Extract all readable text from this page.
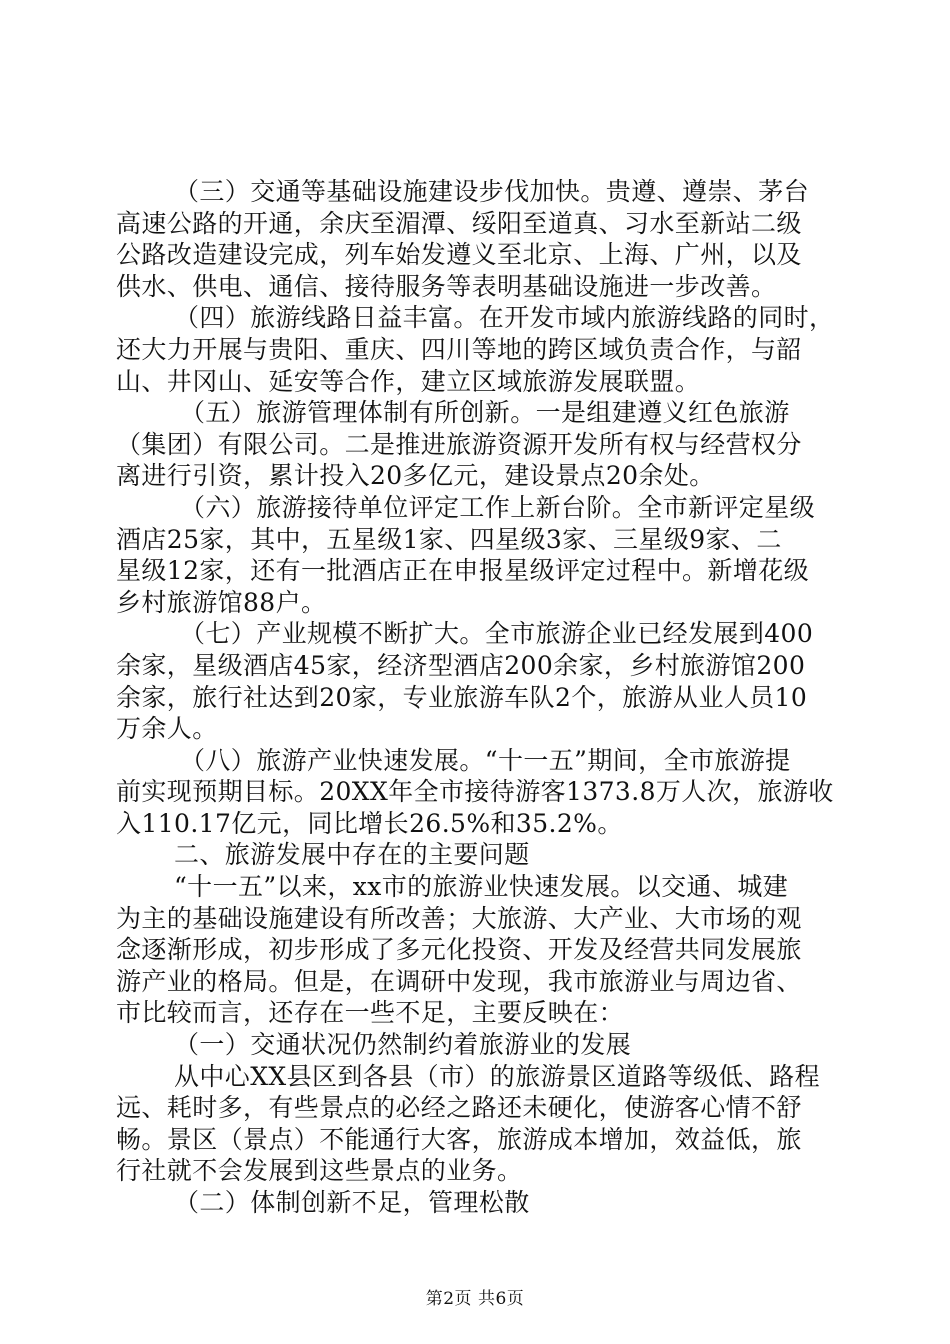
（三）交通等基础设施建设步伐加快。贵遵、遵崇、茅台
高速公路的开通，余庆至湄潭、绥阳至道真、习水至新站二级
公路改造建设完成，列车始发遵义至北京、上海、广州，以及
供水、供电、通信、接待服务等表明基础设施进一步改善。
（四）旅游线路日益丰富。在开发市域内旅游线路的同时，
还大力开展与贵阳、重庆、四川等地的跨区域负责合作，与韶
山、井冈山、延安等合作，建立区域旅游发展联盟。
（五）旅游管理体制有所创新。一是组建遵义红色旅游
（集团）有限公司。二是推进旅游资源开发所有权与经营权分
离进行引资，累计投入20多亿元，建设景点20余处。
（六）旅游接待单位评定工作上新台阶。全市新评定星级
酒店25家，其中，五星级1家、四星级3家、三星级9家、二
星级12家，还有一批酒店正在申报星级评定过程中。新增花级
乡村旅游馆88户。
（七）产业规模不断扩大。全市旅游企业已经发展到400
余家，星级酒店45家，经济型酒店200余家，乡村旅游馆200
余家，旅行社达到20家，专业旅游车队2个，旅游从业人员10
万余人。
（八）旅游产业快速发展。“十一五”期间，全市旅游提
前实现预期目标。20XX年全市接待游客1373.8万人次，旅游收
入110.17亿元，同比增长26.5%和35.2%。
二、旅游发展中存在的主要问题
“十一五”以来，xx市的旅游业快速发展。以交通、城建
为主的基础设施建设有所改善；大旅游、大产业、大市场的观
念逐渐形成，初步形成了多元化投资、开发及经营共同发展旅
游产业的格局。但是，在调研中发现，我市旅游业与周边省、
市比较而言，还存在一些不足，主要反映在：
（一）交通状况仍然制约着旅游业的发展
从中心XX县区到各县（市）的旅游景区道路等级低、路程
远、耗时多，有些景点的必经之路还未硬化，使游客心情不舒
畅。景区（景点）不能通行大客，旅游成本增加，效益低，旅
行社就不会发展到这些景点的业务。
（二）体制创新不足，管理松散
第2页 共6页
